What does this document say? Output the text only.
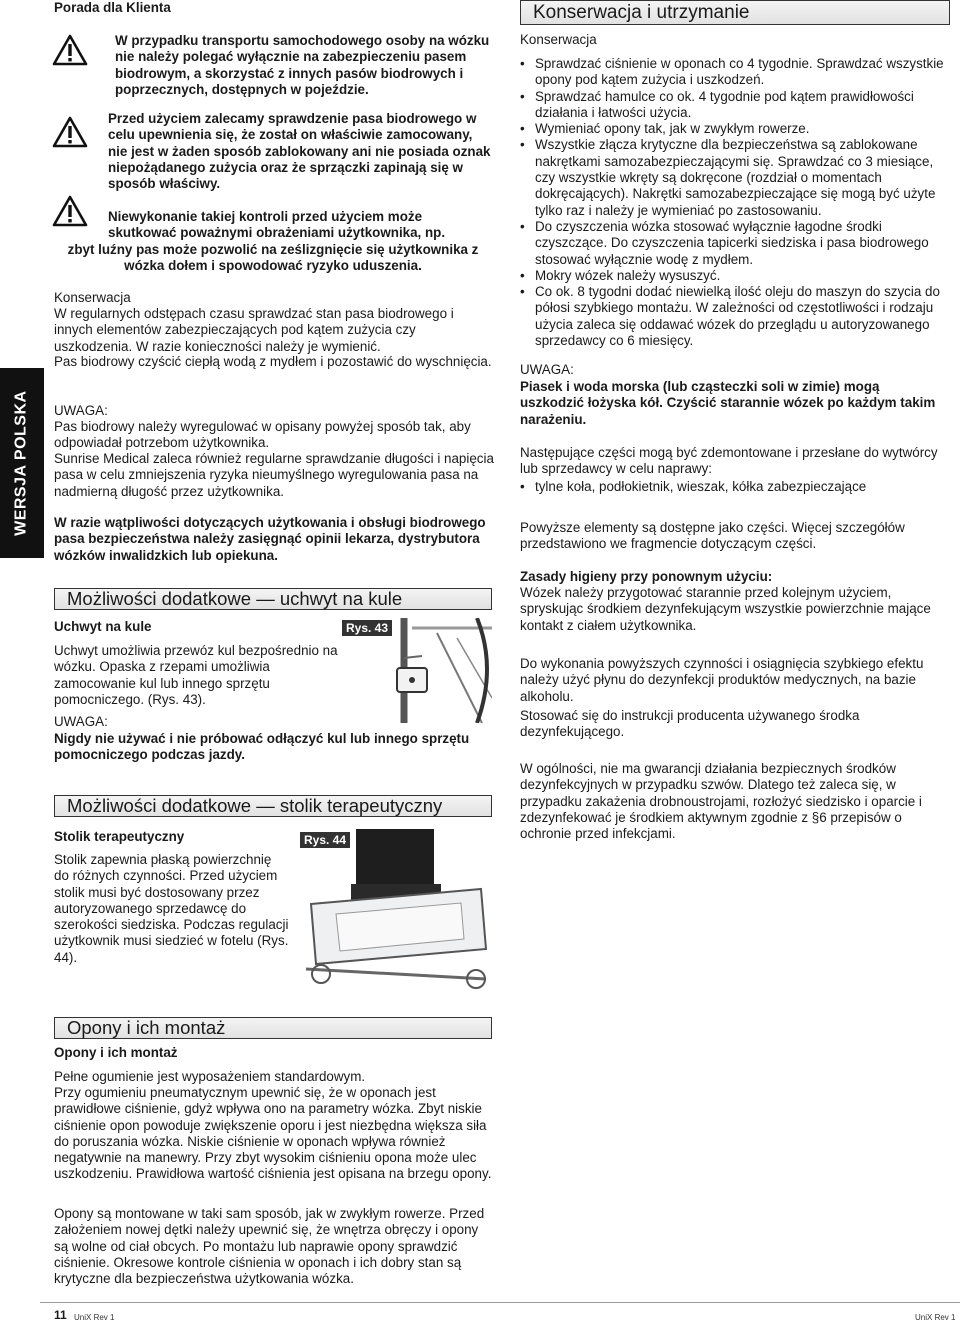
Porada dla Klienta	Konserwacja i utrzymanie
WERSJA POLSKA

W przypadku transportu samochodowego osoby na wózku nie należy polegać wyłącznie na zabezpieczeniu pasem biodrowym, a skorzystać z innych pasów biodrowych i poprzecznych, dostępnych w pojeździe.

Przed użyciem zalecamy sprawdzenie pasa biodrowego w celu upewnienia się, że został on właściwie zamocowany, nie jest w żaden sposób zablokowany ani nie posiada oznak niepożądanego zużycia oraz że sprzączki zapinają się w sposób właściwy.

Niewykonanie takiej kontroli przed użyciem może skutkować poważnymi obrażeniami użytkownika, np.

zbyt luźny pas może pozwolić na ześlizgnięcie się użytkownika z wózka dołem i spowodować ryzyko uduszenia.

Konserwacja

W regularnych odstępach czasu sprawdzać stan pasa biodrowego i innych elementów zabezpieczających pod kątem zużycia czy uszkodzenia. W razie konieczności należy je wymienić.

Pas biodrowy czyścić ciepłą wodą z mydłem i pozostawić do wyschnięcia.

UWAGA:

Pas biodrowy należy wyregulować w opisany powyżej sposób tak, aby odpowiadał potrzebom użytkownika.

Sunrise Medical zaleca również regularne sprawdzanie długości i napięcia pasa w celu zmniejszenia ryzyka nieumyślnego wyregulowania pasa na nadmierną długość przez użytkownika.

W razie wątpliwości dotyczących użytkowania i obsługi biodrowego pasa bezpieczeństwa należy zasięgnąć opinii lekarza, dystrybutora wózków inwalidzkich lub opiekuna.

Możliwości dodatkowe — uchwyt na kule
Uchwyt na kule

Uchwyt umożliwia przewóz kul bezpośrednio na wózku. Opaska z rzepami umożliwia zamocowanie kul lub innego sprzętu pomocniczego. (Rys. 43).

Rys. 43
UWAGA:

Nigdy nie używać i nie próbować odłączyć kul lub innego sprzętu pomocniczego podczas jazdy.

Możliwości dodatkowe — stolik terapeutyczny
Stolik terapeutyczny

Stolik zapewnia płaską powierzchnię do różnych czynności. Przed użyciem stolik musi być dostosowany przez autoryzowanego sprzedawcę do szerokości siedziska. Podczas regulacji użytkownik musi siedzieć w fotelu (Rys. 44).

Rys. 44
Opony i ich montaż
Opony i ich montaż

Pełne ogumienie jest wyposażeniem standardowym.

Przy ogumieniu pneumatycznym upewnić się, że w oponach jest prawidłowe ciśnienie, gdyż wpływa ono na parametry wózka. Zbyt niskie ciśnienie opon powoduje zwiększenie oporu i jest niezbędna większa siła do poruszania wózka. Niskie ciśnienie w oponach wpływa również negatywnie na manewry. Przy zbyt wysokim ciśnieniu opona może ulec uszkodzeniu. Prawidłowa wartość ciśnienia jest opisana na brzegu opony.

Opony są montowane w taki sam sposób, jak w zwykłym rowerze. Przed założeniem nowej dętki należy upewnić się, że wnętrza obręczy i opony są wolne od ciał obcych. Po montażu lub naprawie opony sprawdzić ciśnienie. Okresowe kontrole ciśnienia w oponach i ich dobry stan są krytyczne dla bezpieczeństwa użytkowania wózka.

Konserwacja
• Sprawdzać ciśnienie w oponach co 4 tygodnie. Sprawdzać wszystkie opony pod kątem zużycia i uszkodzeń.
• Sprawdzać hamulce co ok. 4 tygodnie pod kątem prawidłowości działania i łatwości użycia.
• Wymieniać opony tak, jak w zwykłym rowerze.
• Wszystkie złącza krytyczne dla bezpieczeństwa są zablokowane nakrętkami samozabezpieczającymi się. Sprawdzać co 3 miesiące, czy wszystkie wkręty są dokręcone (rozdział o momentach dokręcających). Nakrętki samozabezpieczające się mogą być użyte tylko raz i należy je wymieniać po zastosowaniu.
• Do czyszczenia wózka stosować wyłącznie łagodne środki czyszczące. Do czyszczenia tapicerki siedziska i pasa biodrowego stosować wyłącznie wodę z mydłem.
• Mokry wózek należy wysuszyć.
• Co ok. 8 tygodni dodać niewielką ilość oleju do maszyn do szycia do półosi szybkiego montażu. W zależności od częstotliwości i rodzaju użycia zaleca się oddawać wózek do przeglądu u autoryzowanego sprzedawcy co 6 miesięcy.
UWAGA:

Piasek i woda morska (lub cząsteczki soli w zimie) mogą uszkodzić łożyska kół. Czyścić starannie wózek po każdym takim narażeniu.

Następujące części mogą być zdemontowane i przesłane do wytwórcy lub sprzedawcy w celu naprawy:

• tylne koła, podłokietnik, wieszak, kółka zabezpieczające

Powyższe elementy są dostępne jako części. Więcej szczegółów przedstawiono we fragmencie dotyczącym części.

Zasady higieny przy ponownym użyciu:

Wózek należy przygotować starannie przed kolejnym użyciem, spryskując środkiem dezynfekującym wszystkie powierzchnie mające kontakt z ciałem użytkownika.

Do wykonania powyższych czynności i osiągnięcia szybkiego efektu należy użyć płynu do dezynfekcji produktów medycznych, na bazie alkoholu.

Stosować się do instrukcji producenta używanego środka dezynfekującego.

W ogólności, nie ma gwarancji działania bezpiecznych środków dezynfekcyjnych w przypadku szwów. Dlatego też zaleca się, w przypadku zakażenia drobnoustrojami, rozłożyć siedzisko i oparcie i zdezynfekować je środkiem aktywnym zgodnie z §6 przepisów o ochronie przed infekcjami.

11 UniX Rev 1	UniX Rev 1
